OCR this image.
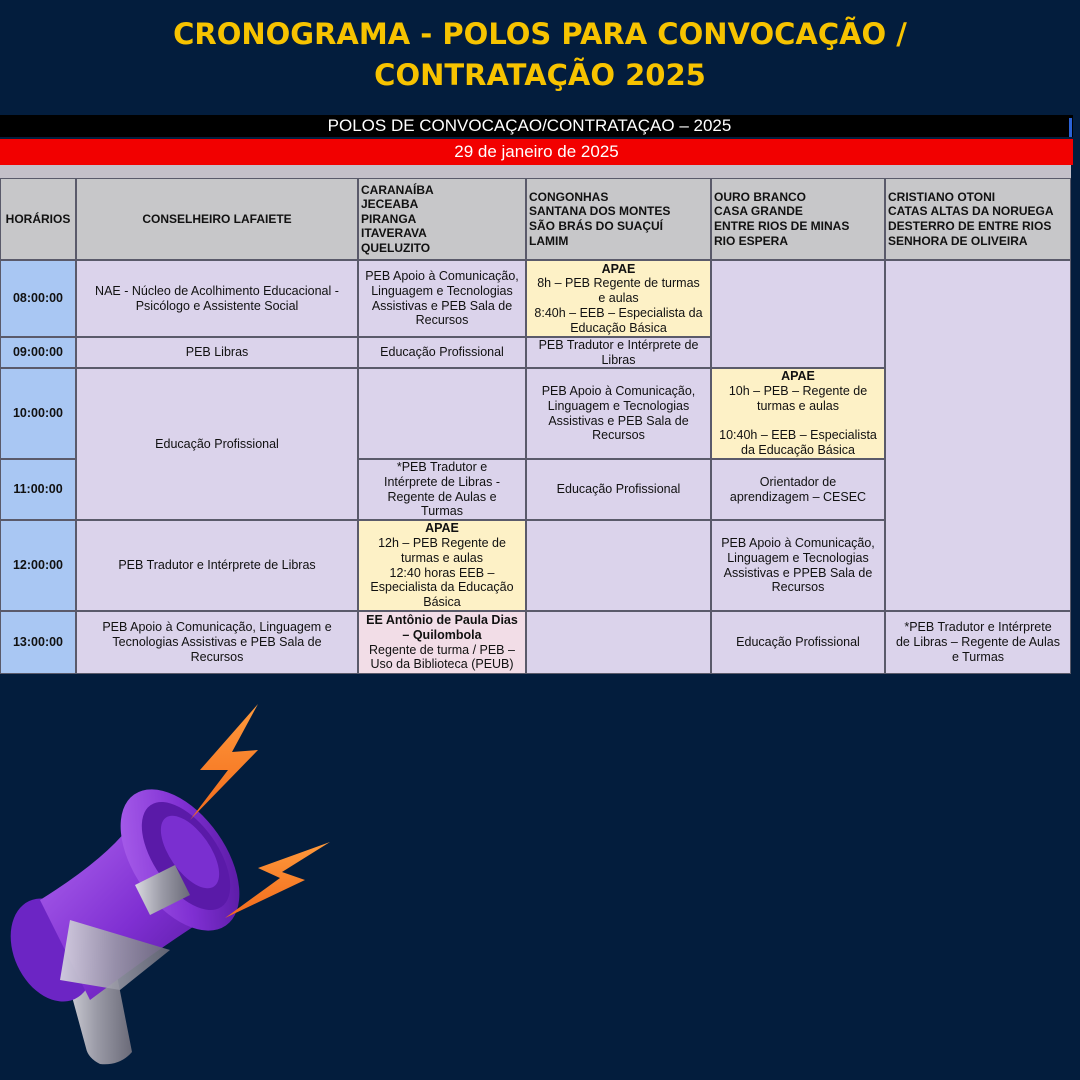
CRONOGRAMA - POLOS PARA CONVOCAÇÃO /
CONTRATAÇÃO 2025
POLOS DE CONVOCAÇAO/CONTRATAÇAO – 2025
29 de janeiro de 2025
HORÁRIOS	CONSELHEIRO LAFAIETE
CARANAÍBA
JECEABA
PIRANGA
ITAVERAVA
QUELUZITO
CONGONHAS
SANTANA DOS MONTES
SÃO BRÁS DO SUAÇUÍ
LAMIM
OURO BRANCO
CASA GRANDE
ENTRE RIOS DE MINAS
RIO ESPERA
CRISTIANO OTONI
CATAS ALTAS DA NORUEGA
DESTERRO DE ENTRE RIOS
SENHORA DE OLIVEIRA
08:00:00
09:00:00
10:00:00
11:00:00
12:00:00
13:00:00
NAE - Núcleo de Acolhimento Educacional -
Psicólogo e Assistente Social
PEB Libras
Educação Profissional
PEB Tradutor e Intérprete de Libras
PEB Apoio à Comunicação, Linguagem e
Tecnologias Assistivas e PEB Sala de
Recursos
PEB Apoio à Comunicação,
Linguagem e Tecnologias
Assistivas e PEB Sala de
Recursos
Educação Profissional
*PEB Tradutor e
Intérprete de Libras -
Regente de Aulas e
Turmas
APAE
12h – PEB Regente de
turmas e aulas
12:40 horas EEB –
Especialista da Educação
Básica
EE Antônio de Paula Dias
– Quilombola
Regente de turma / PEB –
Uso da Biblioteca (PEUB)
APAE
8h – PEB Regente de turmas
e aulas
8:40h – EEB – Especialista da
Educação Básica
PEB Tradutor e Intérprete de
Libras
PEB Apoio à Comunicação,
Linguagem e Tecnologias
Assistivas e PEB Sala de
Recursos
Educação Profissional
APAE
10h – PEB – Regente de
turmas e aulas
10:40h – EEB – Especialista
da Educação Básica
Orientador de
aprendizagem – CESEC
PEB Apoio à Comunicação,
Linguagem e Tecnologias
Assistivas e PPEB Sala de
Recursos
Educação Profissional
*PEB Tradutor e Intérprete
de Libras – Regente de Aulas
e Turmas
